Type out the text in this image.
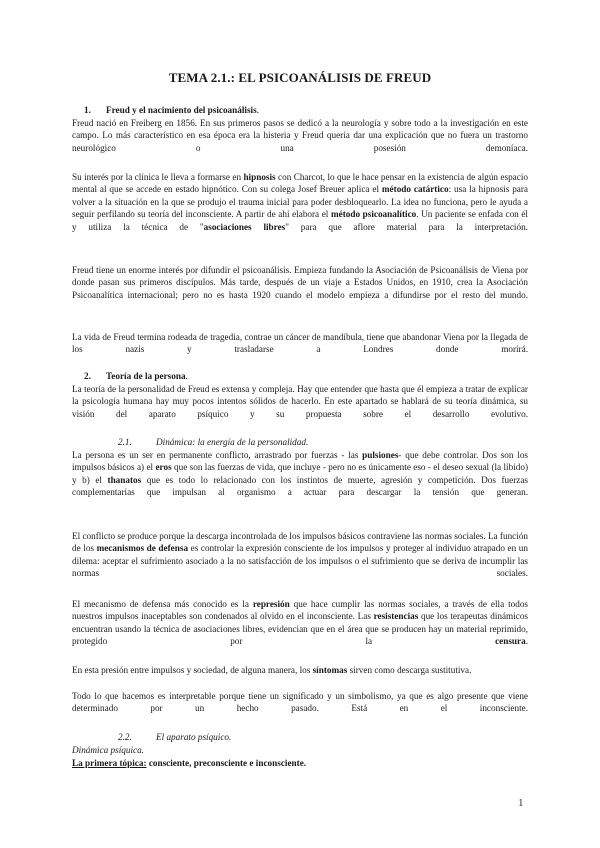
TEMA 2.1.: EL PSICOANÁLISIS DE FREUD
1. Freud y el nacimiento del psicoanálisis.
Freud nació en Freiberg en 1856. En sus primeros pasos se dedicó a la neurología y sobre todo a la investigación en este campo. Lo más característico en esa época era la histeria y Freud quería dar una explicación que no fuera un trastorno neurológico o una posesión demoníaca.
Su interés por la clínica le lleva a formarse en hipnosis con Charcot, lo que le hace pensar en la existencia de algún espacio mental al que se accede en estado hipnótico. Con su colega Josef Breuer aplica el método catártico: usa la hipnosis para volver a la situación en la que se produjo el trauma inicial para poder desbloquearlo. La idea no funciona, pero le ayuda a seguir perfilando su teoría del inconsciente. A partir de ahí elabora el método psicoanalítico. Un paciente se enfada con él y utiliza la técnica de "asociaciones libres" para que aflore material para la interpretación.
Freud tiene un enorme interés por difundir el psicoanálisis. Empieza fundando la Asociación de Psicoanálisis de Viena por donde pasan sus primeros discípulos. Más tarde, después de un viaje a Estados Unidos, en 1910, crea la Asociación Psicoanalítica internacional; pero no es hasta 1920 cuando el modelo empieza a difundirse por el resto del mundo.
La vida de Freud termina rodeada de tragedia, contrae un cáncer de mandíbula, tiene que abandonar Viena por la llegada de los nazis y trasladarse a Londres donde morirá.
2. Teoría de la persona.
La teoría de la personalidad de Freud es extensa y compleja. Hay que entender que hasta que él empieza a tratar de explicar la psicología humana hay muy pocos intentos sólidos de hacerlo. En este apartado se hablará de su teoría dinámica, su visión del aparato psíquico y su propuesta sobre el desarrollo evolutivo.
2.1.	Dinámica: la energía de la personalidad.
La persona es un ser en permanente conflicto, arrastrado por fuerzas - las pulsiones- que debe controlar. Dos son los impulsos básicos a) el eros que son las fuerzas de vida, que incluye - pero no es únicamente eso - el deseo sexual (la libido) y b) el thanatos que es todo lo relacionado con los instintos de muerte, agresión y competición. Dos fuerzas complementarias que impulsan al organismo a actuar para descargar la tensión que generan.
El conflicto se produce porque la descarga incontrolada de los impulsos básicos contraviene las normas sociales. La función de los mecanismos de defensa es controlar la expresión consciente de los impulsos y proteger al individuo atrapado en un dilema: aceptar el sufrimiento asociado a la no satisfacción de los impulsos o el sufrimiento que se deriva de incumplir las normas sociales.
El mecanismo de defensa más conocido es la represión que hace cumplir las normas sociales, a través de ella todos nuestros impulsos inaceptables son condenados al olvido en el inconsciente. Las resistencias que los terapeutas dinámicos encuentran usando la técnica de asociaciones libres, evidencian que en el área que se producen hay un material reprimido, protegido por la censura.
En esta presión entre impulsos y sociedad, de alguna manera, los síntomas sirven como descarga sustitutiva.
Todo lo que hacemos es interpretable porque tiene un significado y un simbolismo, ya que es algo presente que viene determinado por un hecho pasado. Está en el inconsciente.
2.2.	El aparato psíquico.
Dinámica psíquica.
La primera tópica: consciente, preconsciente e inconsciente.
1
